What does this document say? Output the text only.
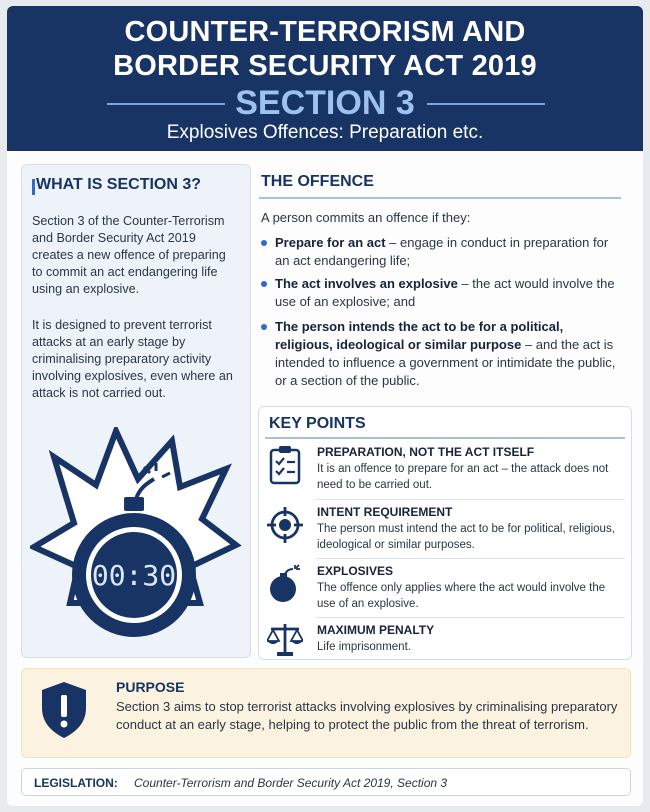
COUNTER-TERRORISM AND
BORDER SECURITY ACT 2019
SECTION 3
Explosives Offences: Preparation etc.
WHAT IS SECTION 3?
Section 3 of the Counter-Terrorism and Border Security Act 2019 creates a new offence of preparing to commit an act endangering life using an explosive.
It is designed to prevent terrorist attacks at an early stage by criminalising preparatory activity involving explosives, even where an attack is not carried out.
00:30
THE OFFENCE
A person commits an offence if they:
Prepare for an act – engage in conduct in preparation for an act endangering life;
The act involves an explosive – the act would involve the use of an explosive; and
The person intends the act to be for a political, religious, ideological or similar purpose – and the act is intended to influence a government or intimidate the public, or a section of the public.
KEY POINTS
PREPARATION, NOT THE ACT ITSELF
It is an offence to prepare for an act – the attack does not need to be carried out.
INTENT REQUIREMENT
The person must intend the act to be for political, religious, ideological or similar purposes.
EXPLOSIVES
The offence only applies where the act would involve the use of an explosive.
MAXIMUM PENALTY
Life imprisonment.
PURPOSE
Section 3 aims to stop terrorist attacks involving explosives by criminalising preparatory conduct at an early stage, helping to protect the public from the threat of terrorism.
LEGISLATION: Counter-Terrorism and Border Security Act 2019, Section 3
